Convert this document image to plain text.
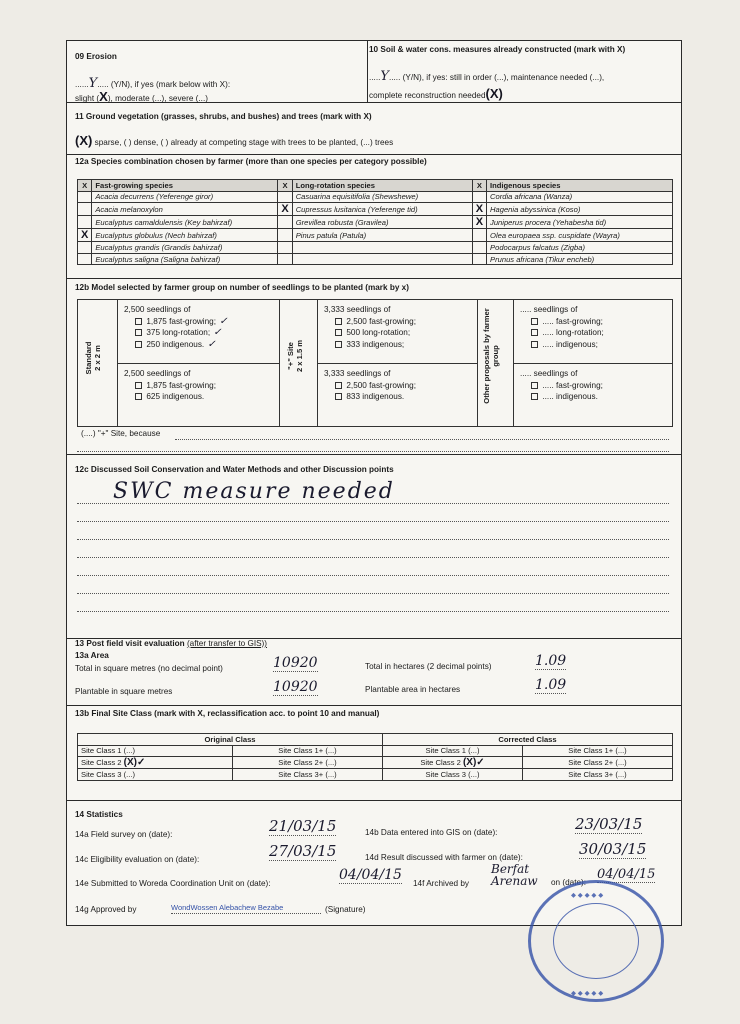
09 Erosion
......Y..... (Y/N), if yes (mark below with X):
slight (X), moderate (...), severe (...)
10 Soil & water cons. measures already constructed (mark with X)
.....Y..... (Y/N), if yes: still in order (...), maintenance needed (...),
complete reconstruction needed(X)
11 Ground vegetation (grasses, shrubs, and bushes) and trees (mark with X)
(X) sparse, ( ) dense, ( ) already at competing stage with trees to be planted, (...) trees
12a Species combination chosen by farmer (more than one species per category possible)
X	Fast-growing species	X	Long-rotation species	X	Indigenous species
	Acacia decurrens (Yeferenge giror)		Casuarina equisitifolia (Shewshewe)		Cordia africana (Wanza)
	Acacia melanoxylon	X	Cupressus lusitanica (Yeferenge tid)	X	Hagenia abyssinica (Koso)
	Eucalyptus camaldulensis (Key bahirzaf)		Grevillea robusta (Gravilea)	X	Juniperus procera (Yehabesha tid)
X	Eucalyptus globulus (Nech bahirzaf)		Pinus patula (Patula)		Olea europaea ssp. cuspidate (Wayra)
	Eucalyptus grandis (Grandis bahirzaf)				Podocarpus falcatus (Zigba)
	Eucalyptus saligna (Saligna bahirzaf)				Prunus africana (Tikur encheb)
12b Model selected by farmer group on number of seedlings to be planted (mark by x)
Standard
2 x 2 m	"+" Site
2 x 1.5 m	Other proposals by farmer group
2,500 seedlings of
1,875 fast-growing; ✓
375 long-rotation; ✓
250 indigenous. ✓
2,500 seedlings of
1,875 fast-growing;
625 indigenous.
3,333 seedlings of
2,500 fast-growing;
500 long-rotation;
333 indigenous;
3,333 seedlings of
2,500 fast-growing;
833 indigenous.
..... seedlings of
..... fast-growing;
..... long-rotation;
..... indigenous;
..... seedlings of
..... fast-growing;
..... indigenous.
(....) "+" Site, because
12c Discussed Soil Conservation and Water Methods and other Discussion points
SWC measure needed
13 Post field visit evaluation (after transfer to GIS))
13a Area
Total in square metres (no decimal point)	10920	Total in hectares (2 decimal points)	1.09
Plantable in square metres	10920	Plantable area in hectares	1.09
13b Final Site Class (mark with X, reclassification acc. to point 10 and manual)
Original Class		Corrected Class	
Site Class 1 (...)	Site Class 1+ (...)	Site Class 1 (...)	Site Class 1+ (...)
Site Class 2 (X)✓	Site Class 2+ (...)	Site Class 2 (X)✓	Site Class 2+ (...)
Site Class 3 (...)	Site Class 3+ (...)	Site Class 3 (...)	Site Class 3+ (...)
14 Statistics
14a Field survey on (date):	21/03/15	14b Data entered into GIS on (date):	23/03/15
14c Eligibility evaluation on (date):	27/03/15	14d Result discussed with farmer on (date):	30/03/15
14e Submitted to Woreda Coordination Unit on (date):
04/04/15
14f Archived by
Berfat Arenaw	on (date):
04/04/15
14g Approved by	WondWossen Alebachew Bezabe	(Signature)
◆ ◆ ◆ ◆ ◆
◆ ◆ ◆ ◆ ◆
